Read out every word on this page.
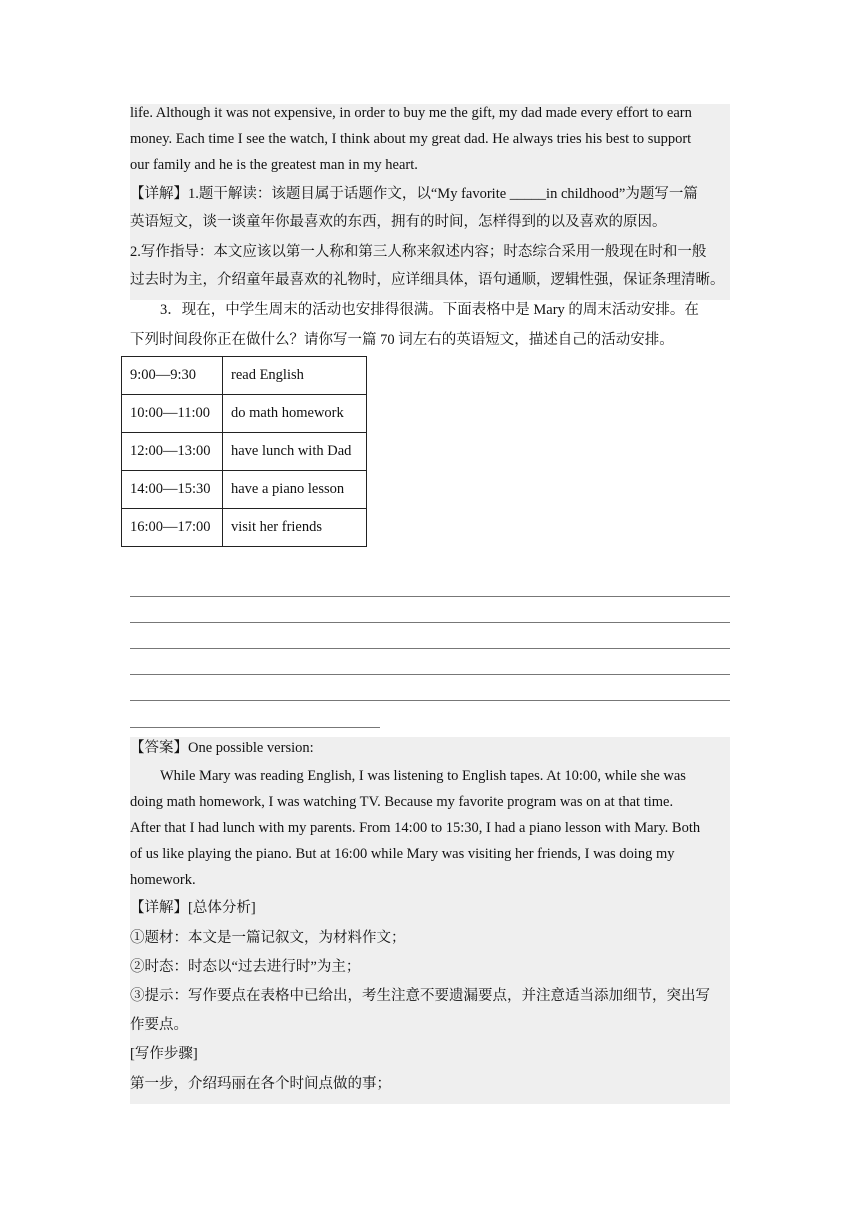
life. Although it was not expensive, in order to buy me the gift, my dad made every effort to earn
money. Each time I see the watch, I think about my great dad. He always tries his best to support
our family and he is the greatest man in my heart.
【详解】1.题干解读：该题目属于话题作文，以“My favorite _____in childhood”为题写一篇
英语短文，谈一谈童年你最喜欢的东西，拥有的时间，怎样得到的以及喜欢的原因。
2.写作指导：本文应该以第一人称和第三人称来叙述内容；时态综合采用一般现在时和一般
过去时为主，介绍童年最喜欢的礼物时，应详细具体，语句通顺，逻辑性强，保证条理清晰。
3．现在，中学生周末的活动也安排得很满。下面表格中是 Mary 的周末活动安排。在
下列时间段你正在做什么？请你写一篇 70 词左右的英语短文，描述自己的活动安排。
9:00—9:30	read English
10:00—11:00	do math homework
12:00—13:00	have lunch with Dad
14:00—15:30	have a piano lesson
16:00—17:00	visit her friends
【答案】One possible version:
While Mary was reading English, I was listening to English tapes. At 10:00, while she was
doing math homework, I was watching TV. Because my favorite program was on at that time.
After that I had lunch with my parents. From 14:00 to 15:30, I had a piano lesson with Mary. Both
of us like playing the piano. But at 16:00 while Mary was visiting her friends, I was doing my
homework.
【详解】[总体分析]
①题材：本文是一篇记叙文，为材料作文；
②时态：时态以“过去进行时”为主；
③提示：写作要点在表格中已给出，考生注意不要遗漏要点，并注意适当添加细节，突出写
作要点。
[写作步骤]
第一步，介绍玛丽在各个时间点做的事；
